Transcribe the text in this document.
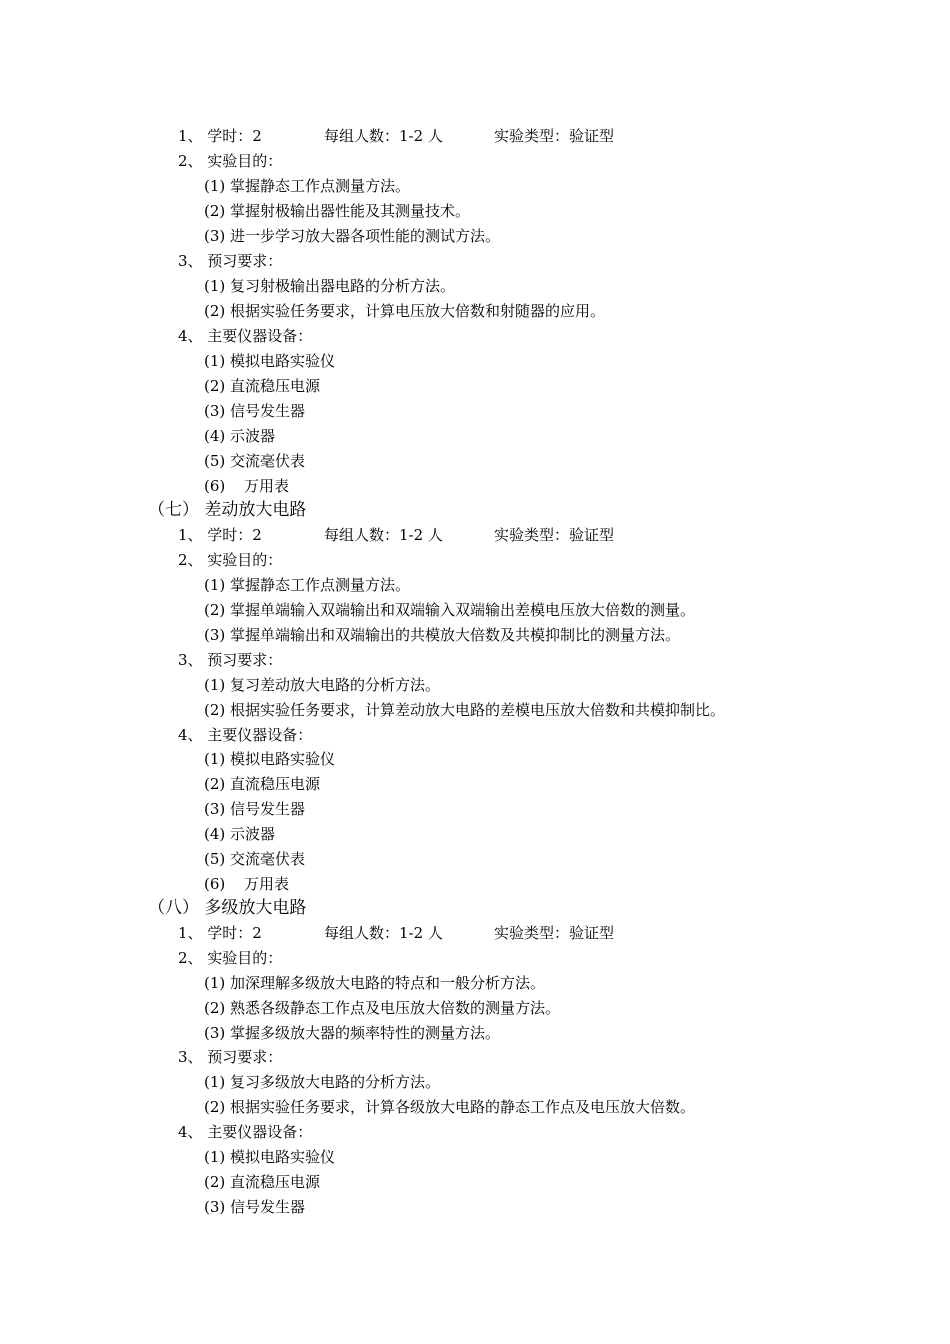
1、 学时：2	每组人数：1-2 人	实验类型：验证型
2、 实验目的：
(1) 掌握静态工作点测量方法。
(2) 掌握射极输出器性能及其测量技术。
(3) 进一步学习放大器各项性能的测试方法。
3、 预习要求：
(1) 复习射极输出器电路的分析方法。
(2) 根据实验任务要求，计算电压放大倍数和射随器的应用。
4、 主要仪器设备：
(1) 模拟电路实验仪
(2) 直流稳压电源
(3) 信号发生器
(4) 示波器
(5) 交流毫伏表
(6) 万用表
（七） 差动放大电路
1、 学时：2	每组人数：1-2 人	实验类型：验证型
2、 实验目的：
(1) 掌握静态工作点测量方法。
(2) 掌握单端输入双端输出和双端输入双端输出差模电压放大倍数的测量。
(3) 掌握单端输出和双端输出的共模放大倍数及共模抑制比的测量方法。
3、 预习要求：
(1) 复习差动放大电路的分析方法。
(2) 根据实验任务要求，计算差动放大电路的差模电压放大倍数和共模抑制比。
4、 主要仪器设备：
(1) 模拟电路实验仪
(2) 直流稳压电源
(3) 信号发生器
(4) 示波器
(5) 交流毫伏表
(6) 万用表
（八） 多级放大电路
1、 学时：2	每组人数：1-2 人	实验类型：验证型
2、 实验目的：
(1) 加深理解多级放大电路的特点和一般分析方法。
(2) 熟悉各级静态工作点及电压放大倍数的测量方法。
(3) 掌握多级放大器的频率特性的测量方法。
3、 预习要求：
(1) 复习多级放大电路的分析方法。
(2) 根据实验任务要求，计算各级放大电路的静态工作点及电压放大倍数。
4、 主要仪器设备：
(1) 模拟电路实验仪
(2) 直流稳压电源
(3) 信号发生器
